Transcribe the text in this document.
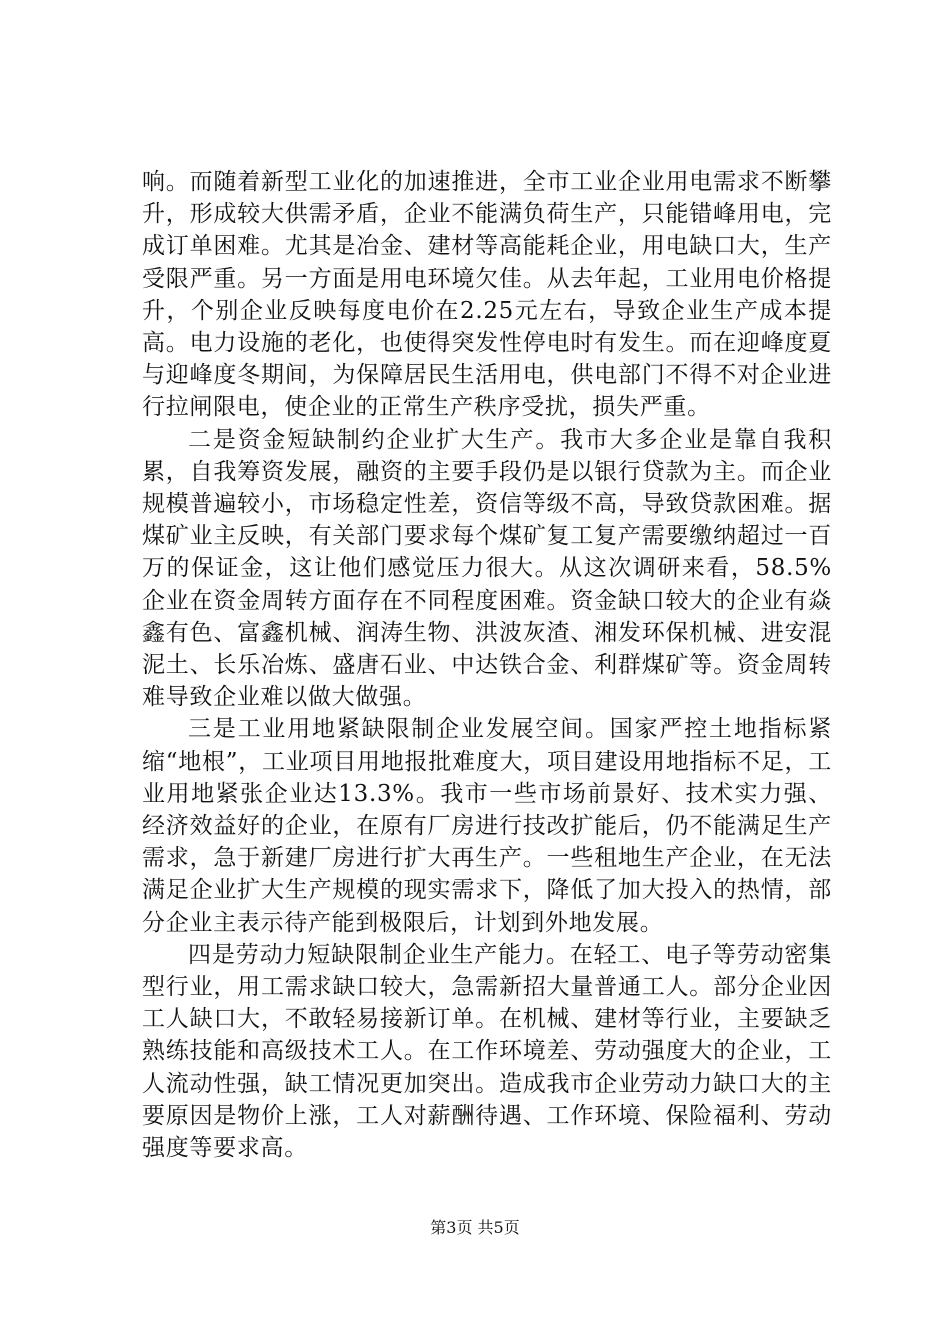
响。而随着新型工业化的加速推进，全市工业企业用电需求不断攀升，形成较大供需矛盾，企业不能满负荷生产，只能错峰用电，完成订单困难。尤其是冶金、建材等高能耗企业，用电缺口大，生产受限严重。另一方面是用电环境欠佳。从去年起，工业用电价格提升，个别企业反映每度电价在2.25元左右，导致企业生产成本提高。电力设施的老化，也使得突发性停电时有发生。而在迎峰度夏与迎峰度冬期间，为保障居民生活用电，供电部门不得不对企业进行拉闸限电，使企业的正常生产秩序受扰，损失严重。

二是资金短缺制约企业扩大生产。我市大多企业是靠自我积累，自我筹资发展，融资的主要手段仍是以银行贷款为主。而企业规模普遍较小，市场稳定性差，资信等级不高，导致贷款困难。据煤矿业主反映，有关部门要求每个煤矿复工复产需要缴纳超过一百万的保证金，这让他们感觉压力很大。从这次调研来看，58.5%企业在资金周转方面存在不同程度困难。资金缺口较大的企业有焱鑫有色、富鑫机械、润涛生物、洪波灰渣、湘发环保机械、进安混泥土、长乐冶炼、盛唐石业、中达铁合金、利群煤矿等。资金周转难导致企业难以做大做强。

三是工业用地紧缺限制企业发展空间。国家严控土地指标紧缩“地根”，工业项目用地报批难度大，项目建设用地指标不足，工业用地紧张企业达13.3%。我市一些市场前景好、技术实力强、经济效益好的企业，在原有厂房进行技改扩能后，仍不能满足生产需求，急于新建厂房进行扩大再生产。一些租地生产企业，在无法满足企业扩大生产规模的现实需求下，降低了加大投入的热情，部分企业主表示待产能到极限后，计划到外地发展。

四是劳动力短缺限制企业生产能力。在轻工、电子等劳动密集型行业，用工需求缺口较大，急需新招大量普通工人。部分企业因工人缺口大，不敢轻易接新订单。在机械、建材等行业，主要缺乏熟练技能和高级技术工人。在工作环境差、劳动强度大的企业，工人流动性强，缺工情况更加突出。造成我市企业劳动力缺口大的主要原因是物价上涨，工人对薪酬待遇、工作环境、保险福利、劳动强度等要求高。

第3页 共5页
